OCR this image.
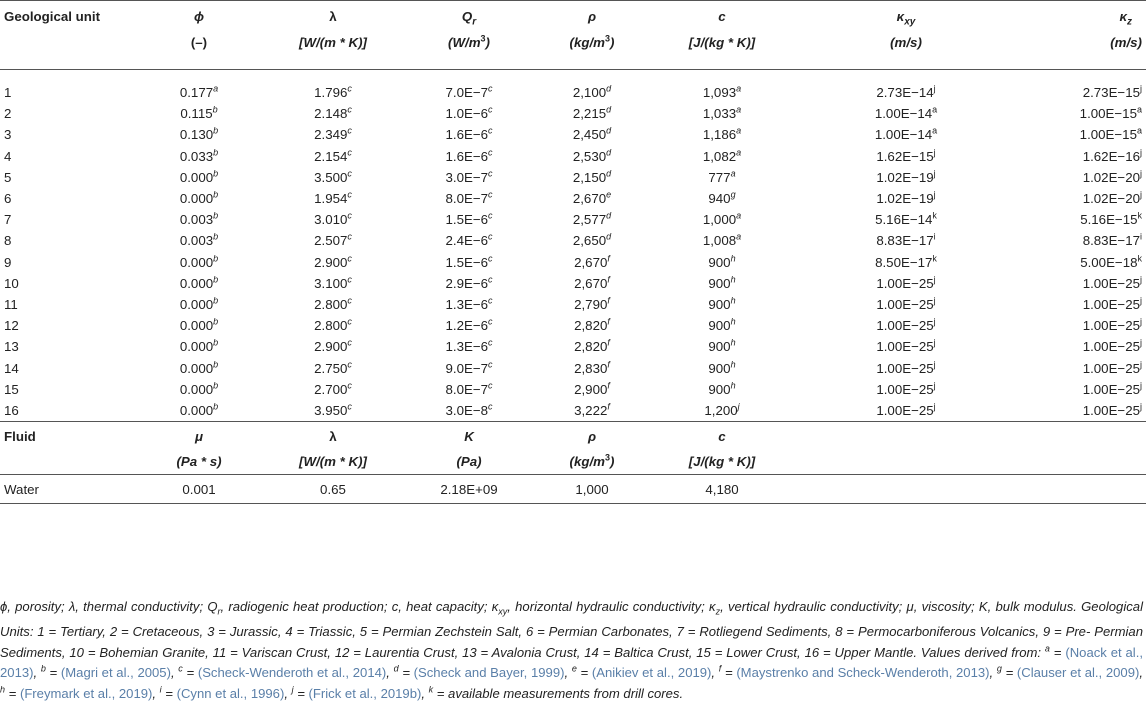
Geological unit	ϕ	λ	$Q_r$	ρ	c	$\kappa_{xy}$	$\kappa_z$
	(–)	[W/(m * K)]	$(W/m^3)$	$(kg/m^3)$	[J/(kg * K)]	(m/s)	(m/s)
1	0.177$^a$	1.796$^c$	$7.0E-7^c$	2,100$^d$	1,093$^a$	$2.73E-14^j$	$2.73E-15^j$
2	0.115$^b$	2.148$^c$	$1.0E-6^c$	2,215$^d$	1,033$^a$	$1.00E-14^a$	$1.00E-15^a$
3	0.130$^b$	2.349$^c$	$1.6E-6^c$	2,450$^d$	1,186$^a$	$1.00E-14^a$	$1.00E-15^a$
4	0.033$^b$	2.154$^c$	$1.6E-6^c$	2,530$^d$	1,082$^a$	$1.62E-15^j$	$1.62E-16^j$
5	0.000$^b$	3.500$^c$	$3.0E-7^c$	2,150$^d$	777$^a$	$1.02E-19^j$	$1.02E-20^j$
6	0.000$^b$	1.954$^c$	$8.0E-7^c$	2,670e	940$^g$	$1.02E-19^j$	$1.02E-20^j$
7	0.003$^b$	3.010$^c$	$1.5E-6^c$	2,577$^d$	1,000$^a$	$5.16E-14^k$	$5.16E-15^k$
8	0.003$^b$	2.507$^c$	$2.4E-6^c$	2,650$^d$	1,008$^a$	$8.83E-17^i$	$8.83E-17^i$
9	0.000$^b$	2.900$^c$	$1.5E-6^c$	2,670$^f$	900$^h$	$8.50E-17^k$	$5.00E-18^k$
10	0.000$^b$	3.100$^c$	$2.9E-6^c$	2,670$^f$	900$^h$	$1.00E-25^j$	$1.00E-25^j$
11	0.000$^b$	2.800$^c$	$1.3E-6^c$	2,790$^f$	900$^h$	$1.00E-25^j$	$1.00E-25^j$
12	0.000$^b$	2.800$^c$	$1.2E-6^c$	2,820$^f$	900$^h$	$1.00E-25^j$	$1.00E-25^j$
13	0.000$^b$	2.900$^c$	$1.3E-6^c$	2,820$^f$	900$^h$	$1.00E-25^j$	$1.00E-25^j$
14	0.000$^b$	2.750$^c$	$9.0E-7^c$	2,830$^f$	900$^h$	$1.00E-25^j$	$1.00E-25^j$
15	0.000$^b$	2.700$^c$	$8.0E-7^c$	2,900$^f$	900$^h$	$1.00E-25^j$	$1.00E-25^j$
16	0.000$^b$	3.950$^c$	$3.0E-8^c$	3,222$^f$	1,200$^j$	$1.00E-25^j$	$1.00E-25^j$
Fluid	μ	λ	K	ρ	c		
	(Pa * s)	[W/(m * K)]	(Pa)	$(kg/m^3)$	[J/(kg * K)]		
Water	0.001	0.65	2.18E+09	1,000	4,180		
ϕ, porosity; λ, thermal conductivity; $Q_r$, radiogenic heat production; c, heat capacity; $\kappa_{xy}$, horizontal hydraulic conductivity; $\kappa_z$, vertical hydraulic conductivity; μ, viscosity; K, bulk modulus. Geological Units: 1 = Tertiary, 2 = Cretaceous, 3 = Jurassic, 4 = Triassic, 5 = Permian Zechstein Salt, 6 = Permian Carbonates, 7 = Rotliegend Sediments, 8 = Permocarboniferous Volcanics, 9 = Pre- Permian Sediments, 10 = Bohemian Granite, 11 = Variscan Crust, 12 = Laurentia Crust, 13 = Avalonia Crust, 14 = Baltica Crust, 15 = Lower Crust, 16 = Upper Mantle. Values derived from: $^a$ = (Noack et al., 2013), $^b$ = (Magri et al., 2005), $^c$ = (Scheck-Wenderoth et al., 2014), $^d$ = (Scheck and Bayer, 1999), $^e$ = (Anikiev et al., 2019), $^f$ = (Maystrenko and Scheck-Wenderoth, 2013), $^g$ = (Clauser et al., 2009), $^h$ = (Freymark et al., 2019), $^i$ = (Cynn et al., 1996), $^j$ = (Frick et al., 2019b), $^k$ = available measurements from drill cores.
